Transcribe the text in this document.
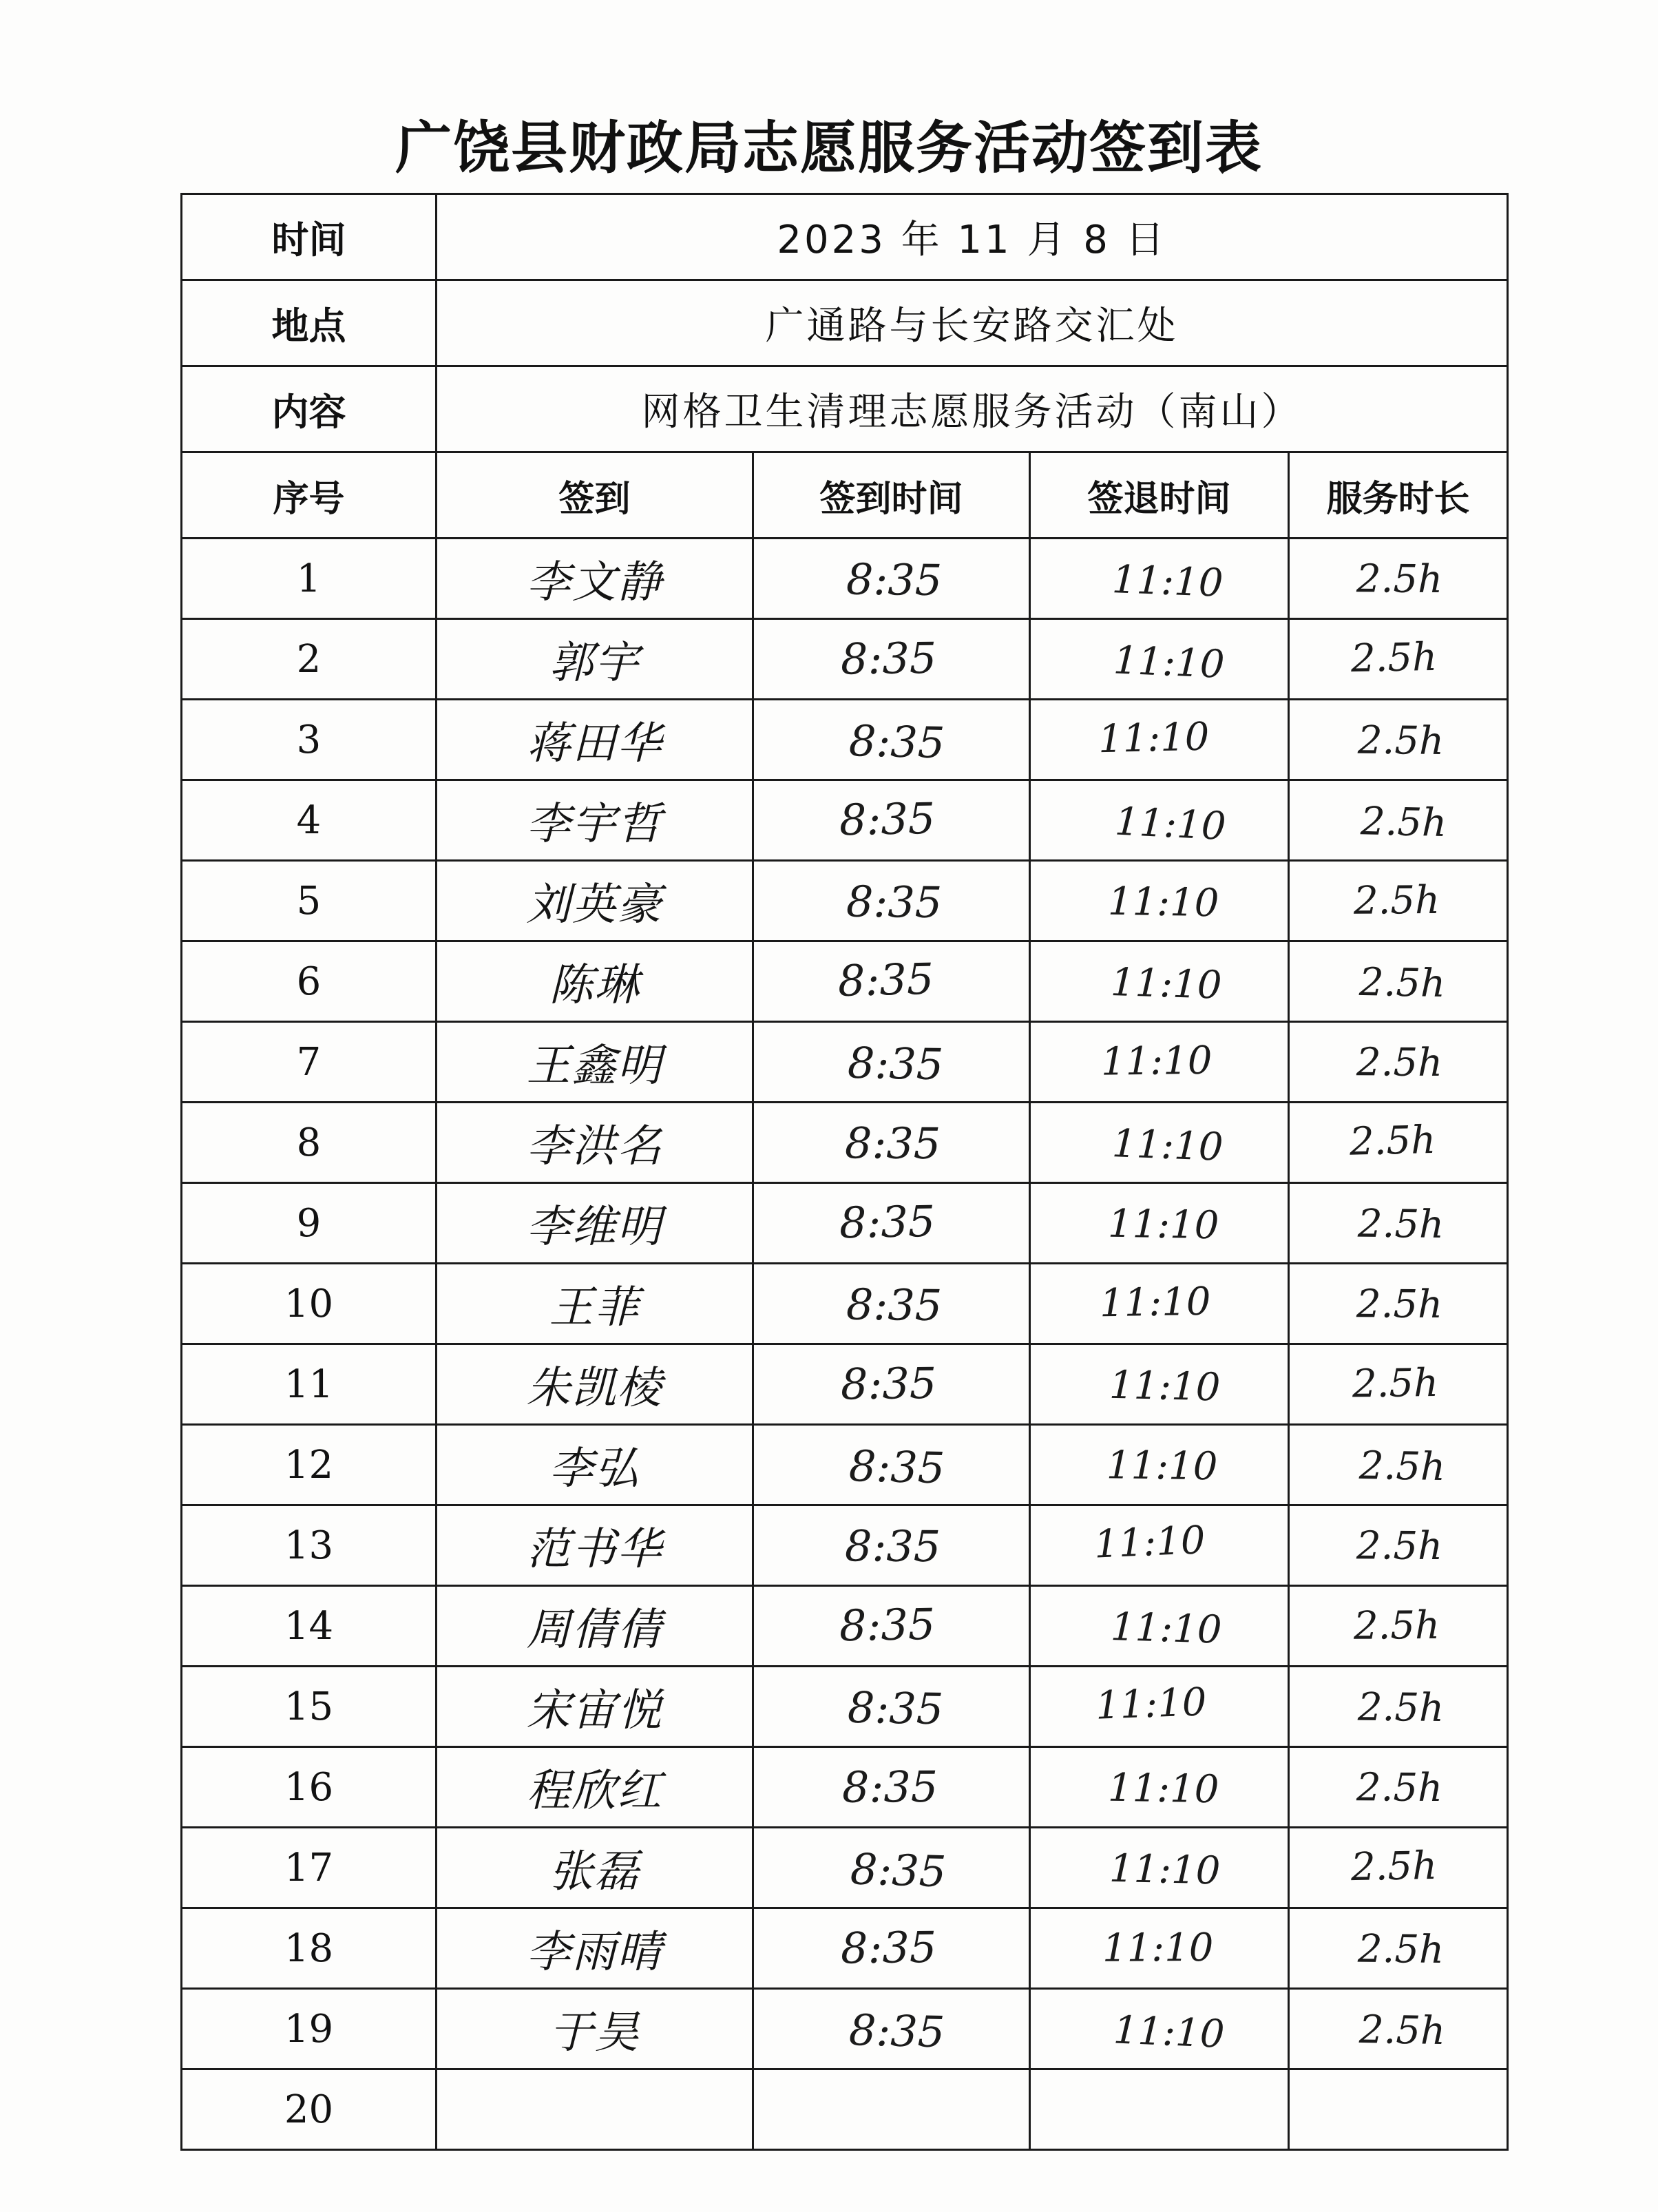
广饶县财政局志愿服务活动签到表
时间	2023 年 11 月 8 日			
地点	广通路与长安路交汇处			
内容	网格卫生清理志愿服务活动（南山）			
序号	签到	签到时间	签退时间	服务时长
1	李文静	8:35	11:10	2.5h
2	郭宇	8:35	11:10	2.5h
3	蒋田华	8:35	11:10	2.5h
4	李宇哲	8:35	11:10	2.5h
5	刘英豪	8:35	11:10	2.5h
6	陈琳	8:35	11:10	2.5h
7	王鑫明	8:35	11:10	2.5h
8	李洪名	8:35	11:10	2.5h
9	李维明	8:35	11:10	2.5h
10	王菲	8:35	11:10	2.5h
11	朱凯棱	8:35	11:10	2.5h
12	李弘	8:35	11:10	2.5h
13	范书华	8:35	11:10	2.5h
14	周倩倩	8:35	11:10	2.5h
15	宋宙悦	8:35	11:10	2.5h
16	程欣红	8:35	11:10	2.5h
17	张磊	8:35	11:10	2.5h
18	李雨晴	8:35	11:10	2.5h
19	于昊	8:35	11:10	2.5h
20				
